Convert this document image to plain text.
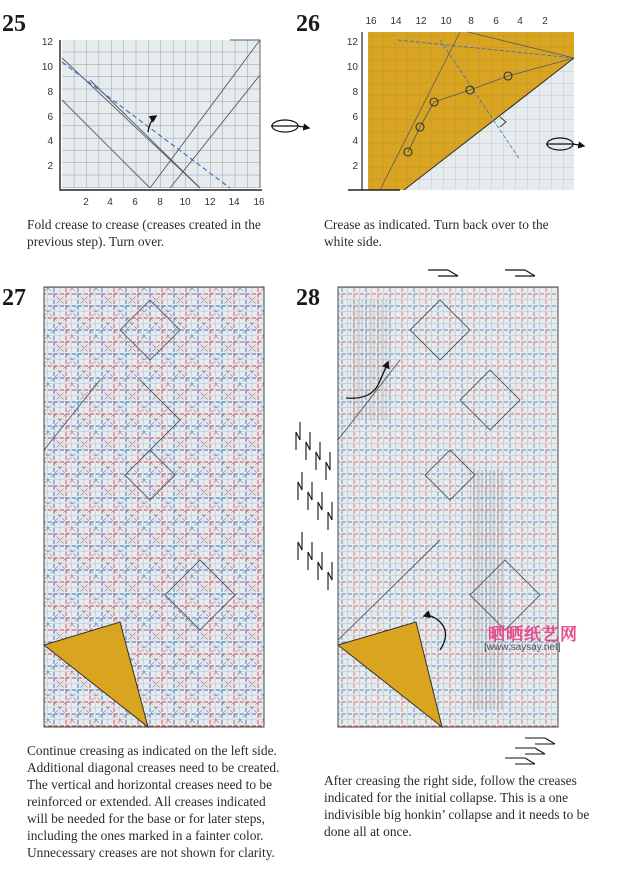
25	26
27	28
2 4 6 8 10 12 14 16
2
4
6
8
10
12
16 14 12 10 8 6 4 2
2
4
6
8
10
12
Fold crease to crease (creases created in the
previous step). Turn over.
Crease as indicated. Turn back over to the
white side.
Continue creasing as indicated on the left side.
Additional diagonal creases need to be created.
The vertical and horizontal creases need to be
reinforced or extended. All creases indicated
will be needed for the base or for later steps,
including the ones marked in a fainter color.
Unnecessary creases are not shown for clarity.
After creasing the right side, follow the creases
indicated for the initial collapse. This is a one
indivisible big honkin’ collapse and it needs to be
done all at once.
晒晒纸艺网
[www.saysay.net]
